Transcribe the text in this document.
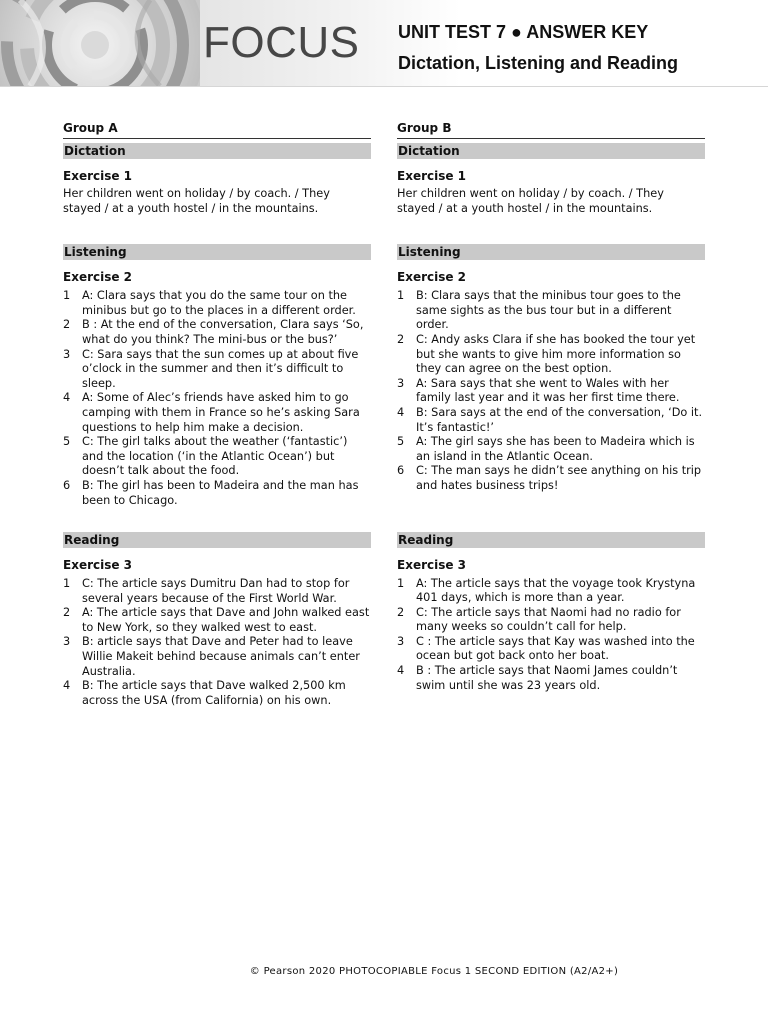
FOCUS UNIT TEST 7 ● ANSWER KEY
Dictation, Listening and Reading
Group A
Dictation
Exercise 1
Her children went on holiday / by coach. / They stayed / at a youth hostel / in the mountains.
Listening
Exercise 2
1	A: Clara says that you do the same tour on the minibus but go to the places in a different order.
2	B : At the end of the conversation, Clara says ‘So, what do you think? The mini-bus or the bus?’
3	C: Sara says that the sun comes up at about five o’clock in the summer and then it’s difficult to sleep.
4	A: Some of Alec’s friends have asked him to go camping with them in France so he’s asking Sara questions to help him make a decision.
5	C: The girl talks about the weather (‘fantastic’) and the location (‘in the Atlantic Ocean’) but doesn’t talk about the food.
6	B: The girl has been to Madeira and the man has been to Chicago.
Reading
Exercise 3
1	C: The article says Dumitru Dan had to stop for several years because of the First World War.
2	A: The article says that Dave and John walked east to New York, so they walked west to east.
3	B: article says that Dave and Peter had to leave Willie Makeit behind because animals can’t enter Australia.
4	B: The article says that Dave walked 2,500 km across the USA (from California) on his own.
Group B
Dictation
Exercise 1
Her children went on holiday / by coach. / They stayed / at a youth hostel / in the mountains.
Listening
Exercise 2
1	B: Clara says that the minibus tour goes to the same sights as the bus tour but in a different order.
2	C: Andy asks Clara if she has booked the tour yet but she wants to give him more information so they can agree on the best option.
3	A: Sara says that she went to Wales with her family last year and it was her first time there.
4	B: Sara says at the end of the conversation, ‘Do it. It’s fantastic!’
5	A: The girl says she has been to Madeira which is an island in the Atlantic Ocean.
6	C: The man says he didn’t see anything on his trip and hates business trips!
Reading
Exercise 3
1	A: The article says that the voyage took Krystyna 401 days, which is more than a year.
2	C: The article says that Naomi had no radio for many weeks so couldn’t call for help.
3	C : The article says that Kay was washed into the ocean but got back onto her boat.
4	B : The article says that Naomi James couldn’t swim until she was 23 years old.
© Pearson 2020 PHOTOCOPIABLE Focus 1 SECOND EDITION (A2/A2+)
